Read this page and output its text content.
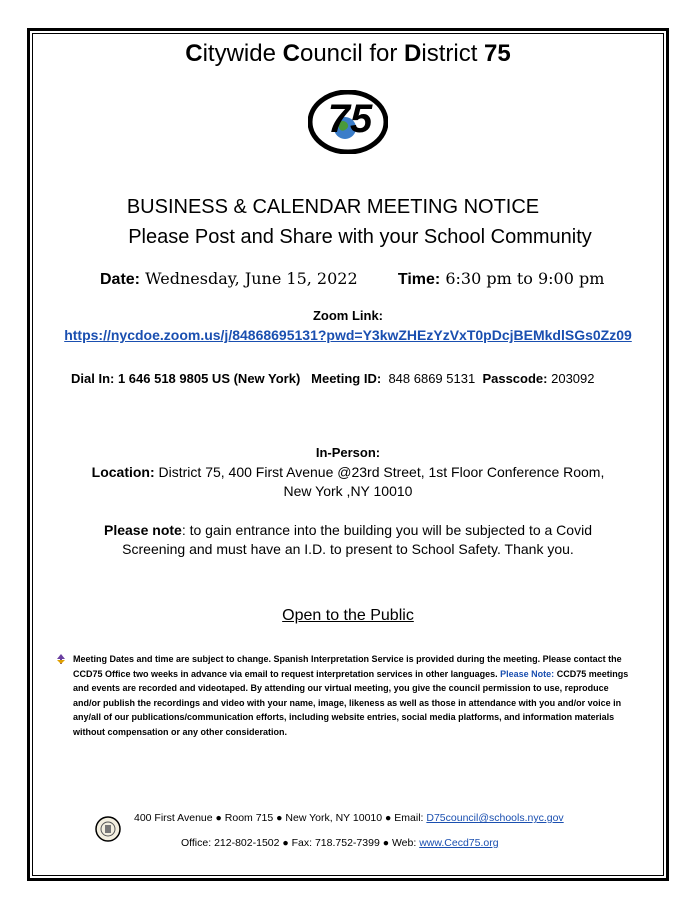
Citywide Council for District 75
75
BUSINESS & CALENDAR MEETING NOTICE
Please Post and Share with your School Community
Date: Wednesday, June 15, 2022	Time: 6:30 pm to 9:00 pm
Zoom Link:
https://nycdoe.zoom.us/j/84868695131?pwd=Y3kwZHEzYzVxT0pDcjBEMkdlSGs0Zz09
Dial In: 1 646 518 9805 US (New York) Meeting ID: 848 6869 5131 Passcode: 203092
In-Person:
Location: District 75, 400 First Avenue @23rd Street, 1st Floor Conference Room,
New York ,NY 10010
Please note: to gain entrance into the building you will be subjected to a Covid
Screening and must have an I.D. to present to School Safety. Thank you.
Open to the Public
Meeting Dates and time are subject to change. Spanish Interpretation Service is provided during the meeting. Please contact the CCD75 Office two weeks in advance via email to request interpretation services in other languages. Please Note: CCD75 meetings and events are recorded and videotaped. By attending our virtual meeting, you give the council permission to use, reproduce and/or publish the recordings and video with your name, image, likeness as well as those in attendance with you and/or voice in any/all of our publications/communication efforts, including website entries, social media platforms, and information materials without compensation or any other consideration.
400 First Avenue ● Room 715 ● New York, NY 10010 ● Email: D75council@schools.nyc.gov
Office: 212-802-1502 ● Fax: 718.752-7399 ● Web: www.Cecd75.org
